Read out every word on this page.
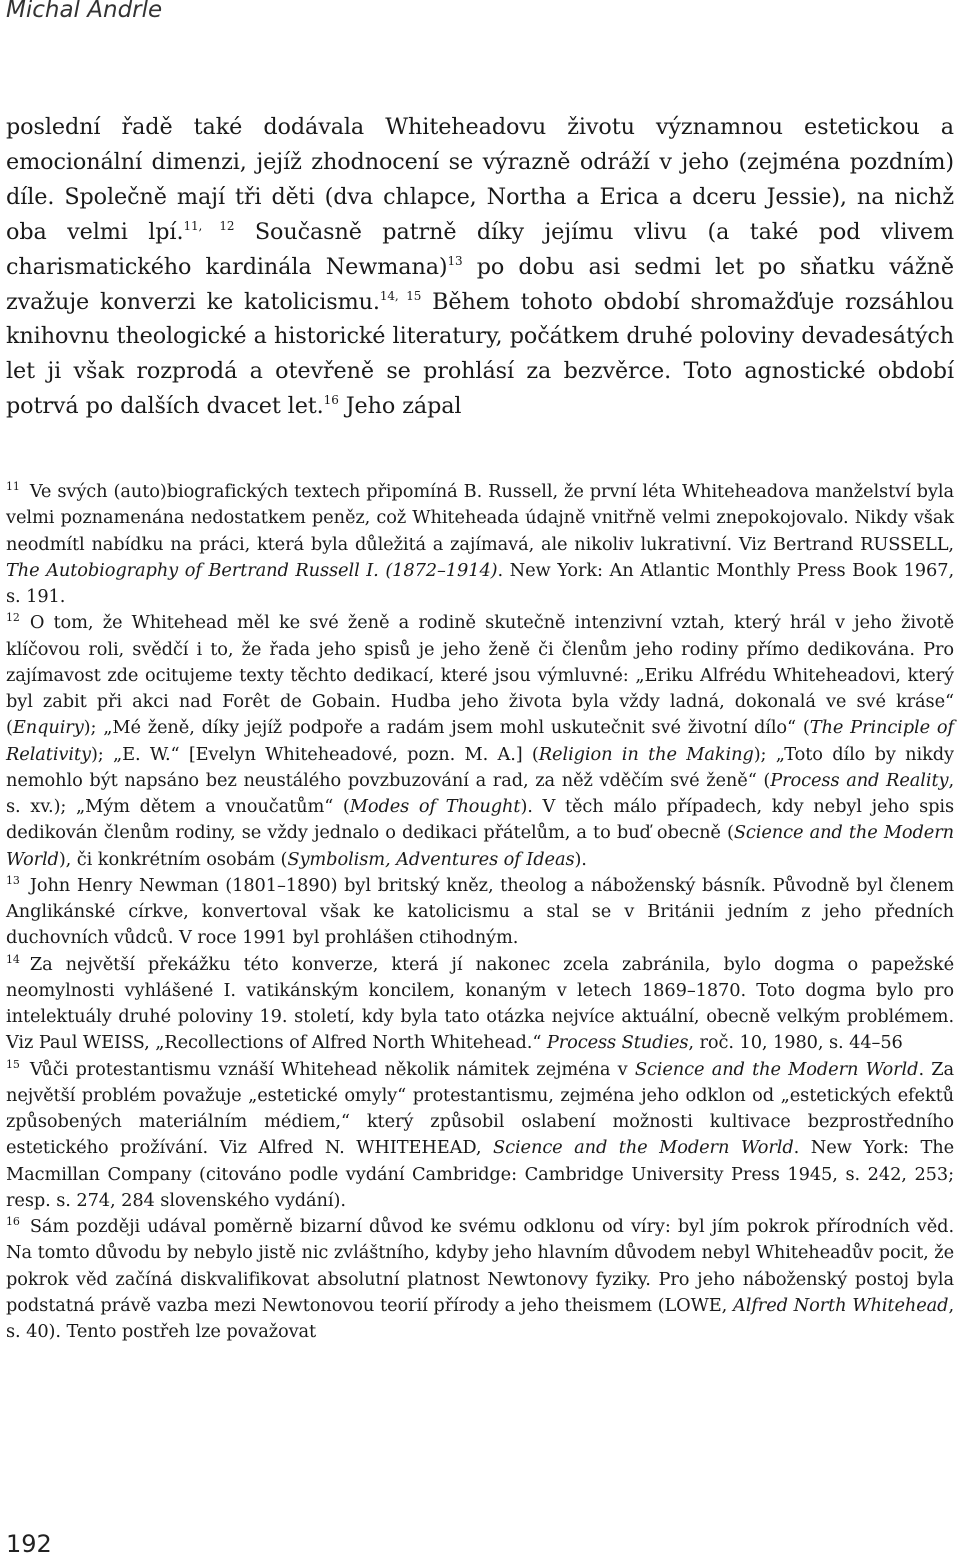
Michal Andrle

poslední řadě také dodávala Whiteheadovu životu významnou estetickou a emocionální dimenzi, jejíž zhodnocení se výrazně odráží v jeho (zejména pozdním) díle. Společně mají tři děti (dva chlapce, Northa a Erica a dceru Jessie), na nichž oba velmi lpí.$^{11, 12}$ Současně patrně díky jejímu vlivu (a také pod vlivem charismatického kardinála Newmana)$^{13}$ po dobu asi sedmi let po sňatku vážně zvažuje konverzi ke katolicismu.$^{14, 15}$ Během tohoto období shromažďuje rozsáhlou knihovnu theologické a historické literatury, počátkem druhé poloviny devadesátých let ji však rozprodá a otevřeně se prohlásí za bezvěrce. Toto agnostické období potrvá po dalších dvacet let.$^{16}$ Jeho zápal

$^{11}$ Ve svých (auto)biografických textech připomíná B. Russell, že první léta Whiteheadova manželství byla velmi poznamenána nedostatkem peněz, což Whiteheada údajně vnitřně velmi znepokojovalo. Nikdy však neodmítl nabídku na práci, která byla důležitá a zajímavá, ale nikoliv lukrativní. Viz Bertrand RUSSELL, The Autobiography of Bertrand Russell I. (1872–1914). New York: An Atlantic Monthly Press Book 1967, s. 191.

$^{12}$ O tom, že Whitehead měl ke své ženě a rodině skutečně intenzivní vztah, který hrál v jeho životě klíčovou roli, svědčí i to, že řada jeho spisů je jeho ženě či členům jeho rodiny přímo dedikována. Pro zajímavost zde ocitujeme texty těchto dedikací, které jsou výmluvné: „Eriku Alfrédu Whiteheadovi, který byl zabit při akci nad Forêt de Gobain. Hudba jeho života byla vždy ladná, dokonalá ve své kráse“ (Enquiry); „Mé ženě, díky jejíž podpoře a radám jsem mohl uskutečnit své životní dílo“ (The Principle of Relativity); „E. W.“ [Evelyn Whiteheadové, pozn. M. A.] (Religion in the Making); „Toto dílo by nikdy nemohlo být napsáno bez neustálého povzbuzování a rad, za něž vděčím své ženě“ (Process and Reality, s. xv.); „Mým dětem a vnoučatům“ (Modes of Thought). V těch málo případech, kdy nebyl jeho spis dedikován členům rodiny, se vždy jednalo o dedikaci přátelům, a to buď obecně (Science and the Modern World), či konkrétním osobám (Symbolism, Adventures of Ideas).

$^{13}$ John Henry Newman (1801–1890) byl britský kněz, theolog a náboženský básník. Původně byl členem Anglikánské církve, konvertoval však ke katolicismu a stal se v Británii jedním z jeho předních duchovních vůdců. V roce 1991 byl prohlášen ctihodným.

$^{14}$ Za největší překážku této konverze, která jí nakonec zcela zabránila, bylo dogma o papežské neomylnosti vyhlášené I. vatikánským koncilem, konaným v letech 1869–1870. Toto dogma bylo pro intelektuály druhé poloviny 19. století, kdy byla tato otázka nejvíce aktuální, obecně velkým problémem. Viz Paul WEISS, „Recollections of Alfred North Whitehead.“ Process Studies, roč. 10, 1980, s. 44–56

$^{15}$ Vůči protestantismu vznáší Whitehead několik námitek zejména v Science and the Modern World. Za největší problém považuje „estetické omyly“ protestantismu, zejména jeho odklon od „estetických efektů způsobených materiálním médiem,“ který způsobil oslabení možnosti kultivace bezprostředního estetického prožívání. Viz Alfred N. WHITEHEAD, Science and the Modern World. New York: The Macmillan Company (citováno podle vydání Cambridge: Cambridge University Press 1945, s. 242, 253; resp. s. 274, 284 slovenského vydání).

$^{16}$ Sám později udával poměrně bizarní důvod ke svému odklonu od víry: byl jím pokrok přírodních věd. Na tomto důvodu by nebylo jistě nic zvláštního, kdyby jeho hlavním důvodem nebyl Whiteheadův pocit, že pokrok věd začíná diskvalifikovat absolutní platnost Newtonovy fyziky. Pro jeho náboženský postoj byla podstatná právě vazba mezi Newtonovou teorií přírody a jeho theismem (LOWE, Alfred North Whitehead, s. 40). Tento postřeh lze považovat

192
